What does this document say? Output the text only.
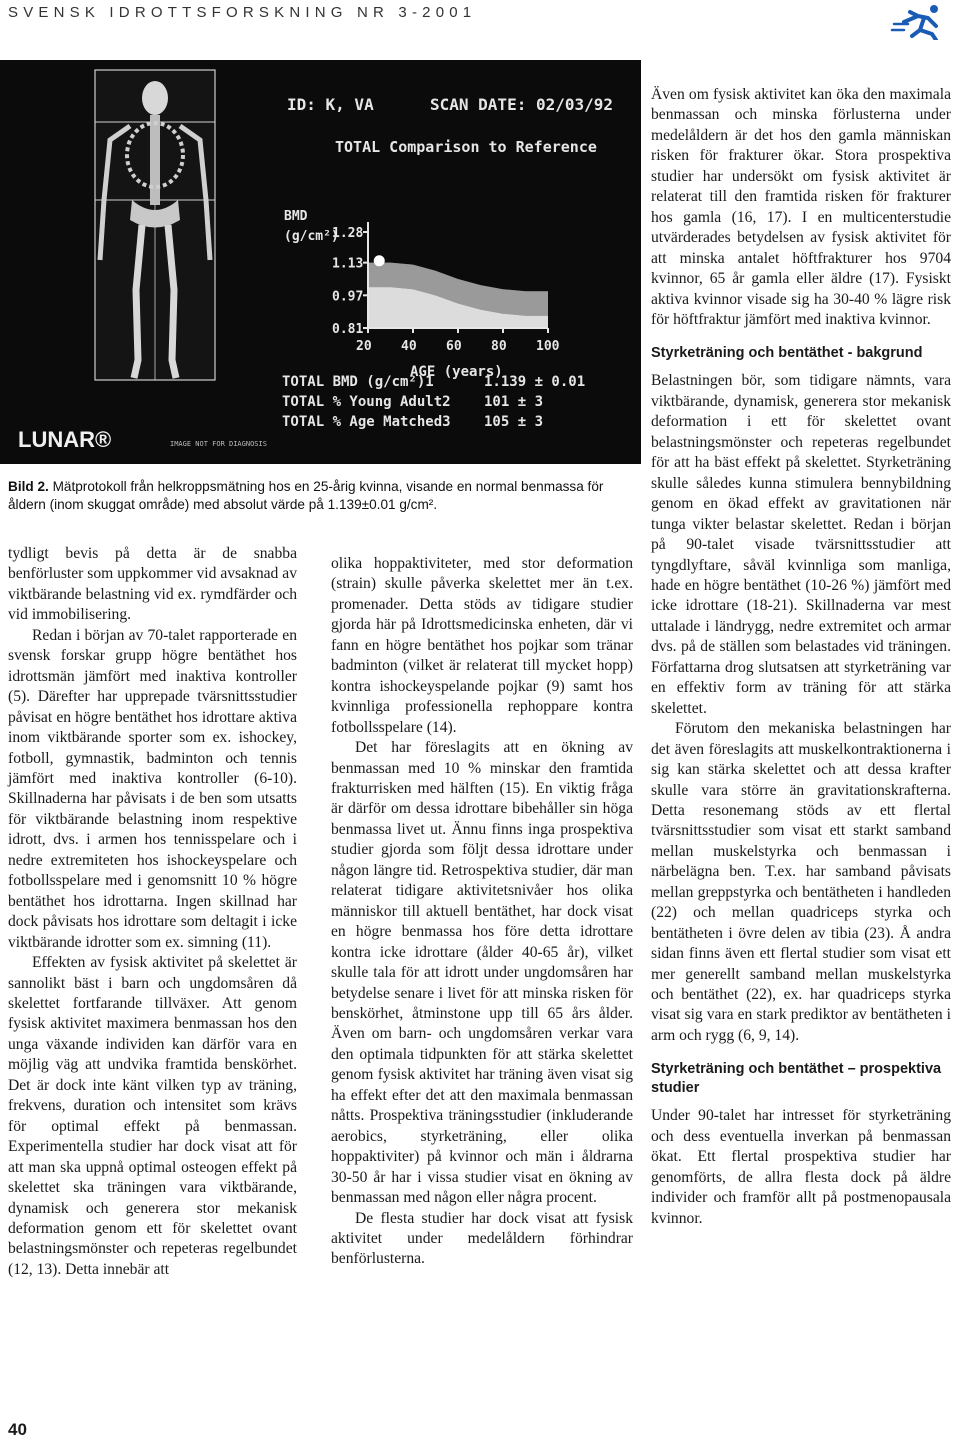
SVENSK IDROTTSFORSKNING NR 3-2001
ID: K, VA	SCAN DATE: 02/03/92
TOTAL Comparison to Reference
BMD
(g/cm²)
1.28
1.13
0.97
0.81
20 40 60 80 100
AGE (years)
TOTAL BMD (g/cm²)1	1.139 ± 0.01
TOTAL % Young Adult2 101 ± 3
TOTAL % Age Matched3 105 ± 3
LUNAR®	IMAGE NOT FOR DIAGNOSIS
Bild 2. Mätprotokoll från helkroppsmätning hos en 25-årig kvinna, visande en normal benmassa för åldern (inom skuggat område) med absolut värde på 1.139±0.01 g/cm².

tydligt bevis på detta är de snabba benförluster som uppkommer vid avsaknad av viktbärande belastning vid ex. rymdfärder och vid immobilisering.

Redan i början av 70-talet rapporterade en svensk forskar grupp högre bentäthet hos idrottsmän jämfört med inaktiva kontroller (5). Därefter har upprepade tvärsnittsstudier påvisat en högre bentäthet hos idrottare aktiva inom viktbärande sporter som ex. ishockey, fotboll, gymnastik, badminton och tennis jämfört med inaktiva kontroller (6-10). Skillnaderna har påvisats i de ben som utsatts för viktbärande belastning inom respektive idrott, dvs. i armen hos tennisspelare och i nedre extremiteten hos ishockeyspelare och fotbollsspelare med i genomsnitt 10 % högre bentäthet hos idrottarna. Ingen skillnad har dock påvisats hos idrottare som deltagit i icke viktbärande idrotter som ex. simning (11).

Effekten av fysisk aktivitet på skelettet är sannolikt bäst i barn och ungdomsåren då skelettet fortfarande tillväxer. Att genom fysisk aktivitet maximera benmassan hos den unga växande individen kan därför vara en möjlig väg att undvika framtida benskörhet. Det är dock inte känt vilken typ av träning, frekvens, duration och intensitet som krävs för optimal effekt på benmassan. Experimentella studier har dock visat att för att man ska uppnå optimal osteogen effekt på skelettet ska träningen vara viktbärande, dynamisk och generera stor mekanisk deformation genom ett för skelettet ovant belastningsmönster och repeteras regelbundet (12, 13). Detta innebär att

olika hoppaktiviteter, med stor deformation (strain) skulle påverka skelettet mer än t.ex. promenader. Detta stöds av tidigare studier gjorda här på Idrottsmedicinska enheten, där vi fann en högre bentäthet hos pojkar som tränar badminton (vilket är relaterat till mycket hopp) kontra ishockeyspelande pojkar (9) samt hos kvinnliga professionella rephoppare kontra fotbollsspelare (14).

Det har föreslagits att en ökning av benmassan med 10 % minskar den framtida frakturrisken med hälften (15). En viktig fråga är därför om dessa idrottare bibehåller sin höga benmassa livet ut. Ännu finns inga prospektiva studier gjorda som följt dessa idrottare under någon längre tid. Retrospektiva studier, där man relaterat tidigare aktivitetsnivåer hos olika människor till aktuell bentäthet, har dock visat en högre benmassa hos före detta idrottare kontra icke idrottare (ålder 40-65 år), vilket skulle tala för att idrott under ungdomsåren har betydelse senare i livet för att minska risken för benskörhet, åtminstone upp till 65 års ålder. Även om barn- och ungdomsåren verkar vara den optimala tidpunkten för att stärka skelettet genom fysisk aktivitet har träning även visat sig ha effekt efter det att den maximala benmassan nåtts. Prospektiva träningsstudier (inkluderande aerobics, styrketräning, eller olika hoppaktiviter) på kvinnor och män i åldrarna 30-50 år har i vissa studier visat en ökning av benmassan med någon eller några procent.

De flesta studier har dock visat att fysisk aktivitet under medelåldern förhindrar benförlusterna.

Även om fysisk aktivitet kan öka den maximala benmassan och minska förlusterna under medelåldern är det hos den gamla människan risken för frakturer ökar. Stora prospektiva studier har undersökt om fysisk aktivitet är relaterat till den framtida risken för frakturer hos gamla (16, 17). I en multicenterstudie utvärderades betydelsen av fysisk aktivitet för att minska antalet höftfrakturer hos 9704 kvinnor, 65 år gamla eller äldre (17). Fysiskt aktiva kvinnor visade sig ha 30-40 % lägre risk för höftfraktur jämfört med inaktiva kvinnor.

Styrketräning och bentäthet - bakgrund

Belastningen bör, som tidigare nämnts, vara viktbärande, dynamisk, generera stor mekanisk deformation i ett för skelettet ovant belastningsmönster och repeteras regelbundet för att ha bäst effekt på skelettet. Styrketräning skulle således kunna stimulera bennybildning genom en ökad effekt av gravitationen när tunga vikter belastar skelettet. Redan i början på 90-talet visade tvärsnittsstudier att tyngdlyftare, såväl kvinnliga som manliga, hade en högre bentäthet (10-26 %) jämfört med icke idrottare (18-21). Skillnaderna var mest uttalade i ländrygg, nedre extremitet och armar dvs. på de ställen som belastades vid träningen. Författarna drog slutsatsen att styrketräning var en effektiv form av träning för att stärka skelettet.

Förutom den mekaniska belastningen har det även föreslagits att muskelkontraktionerna i sig kan stärka skelettet och att dessa krafter skulle vara större än gravitationskrafterna. Detta resonemang stöds av ett flertal tvärsnittsstudier som visat ett starkt samband mellan muskelstyrka och benmassan i närbelägna ben. T.ex. har samband påvisats mellan greppstyrka och bentätheten i handleden (22) och mellan quadriceps styrka och bentätheten i övre delen av tibia (23). Å andra sidan finns även ett flertal studier som visat ett mer generellt samband mellan muskelstyrka och bentäthet (22), ex. har quadriceps styrka visat sig vara en stark prediktor av bentätheten i arm och rygg (6, 9, 14).

Styrketräning och bentäthet – prospektiva studier

Under 90-talet har intresset för styrketräning och dess eventuella inverkan på benmassan ökat. Ett flertal prospektiva studier har genomförts, de allra flesta dock på äldre individer och framför allt på postmenopausala kvinnor.

40
